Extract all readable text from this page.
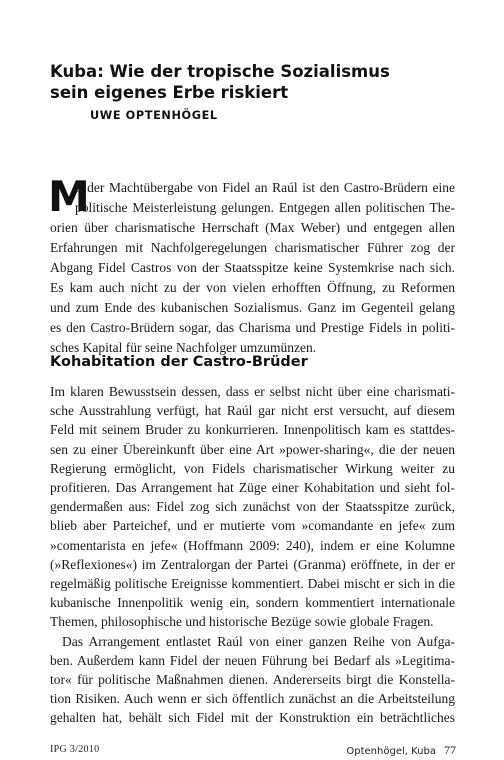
Kuba: Wie der tropische Sozialismus
sein eigenes Erbe riskiert
UWE OPTENHÖGEL
M
it der Machtübergabe von Fidel an Raúl ist den Castro-Brüdern eine
politische Meisterleistung gelungen. Entgegen allen politischen The-
orien über charismatische Herrschaft (Max Weber) und entgegen allen
Erfahrungen mit Nachfolgeregelungen charismatischer Führer zog der
Abgang Fidel Castros von der Staatsspitze keine Systemkrise nach sich.
Es kam auch nicht zu der von vielen erhofften Öffnung, zu Reformen
und zum Ende des kubanischen Sozialismus. Ganz im Gegenteil gelang
es den Castro-Brüdern sogar, das Charisma und Prestige Fidels in politi-
sches Kapital für seine Nachfolger umzumünzen.
Kohabitation der Castro-Brüder
Im klaren Bewusstsein dessen, dass er selbst nicht über eine charismati-
sche Ausstrahlung verfügt, hat Raúl gar nicht erst versucht, auf diesem
Feld mit seinem Bruder zu konkurrieren. Innenpolitisch kam es stattdes-
sen zu einer Übereinkunft über eine Art »power-sharing«, die der neuen
Regierung ermöglicht, von Fidels charismatischer Wirkung weiter zu
profitieren. Das Arrangement hat Züge einer Kohabitation und sieht fol-
gendermaßen aus: Fidel zog sich zunächst von der Staatsspitze zurück,
blieb aber Parteichef, und er mutierte vom »comandante en jefe« zum
»comentarista en jefe« (Hoffmann 2009: 240), indem er eine Kolumne
(»Reflexiones«) im Zentralorgan der Partei (Granma) eröffnete, in der er
regelmäßig politische Ereignisse kommentiert. Dabei mischt er sich in die
kubanische Innenpolitik wenig ein, sondern kommentiert internationale
Themen, philosophische und historische Bezüge sowie globale Fragen.
Das Arrangement entlastet Raúl von einer ganzen Reihe von Aufga-
ben. Außerdem kann Fidel der neuen Führung bei Bedarf als »Legitima-
tor« für politische Maßnahmen dienen. Andererseits birgt die Konstella-
tion Risiken. Auch wenn er sich öffentlich zunächst an die Arbeitsteilung
gehalten hat, behält sich Fidel mit der Konstruktion ein beträchtliches
IPG 3/2010	Optenhögel, Kuba 77
